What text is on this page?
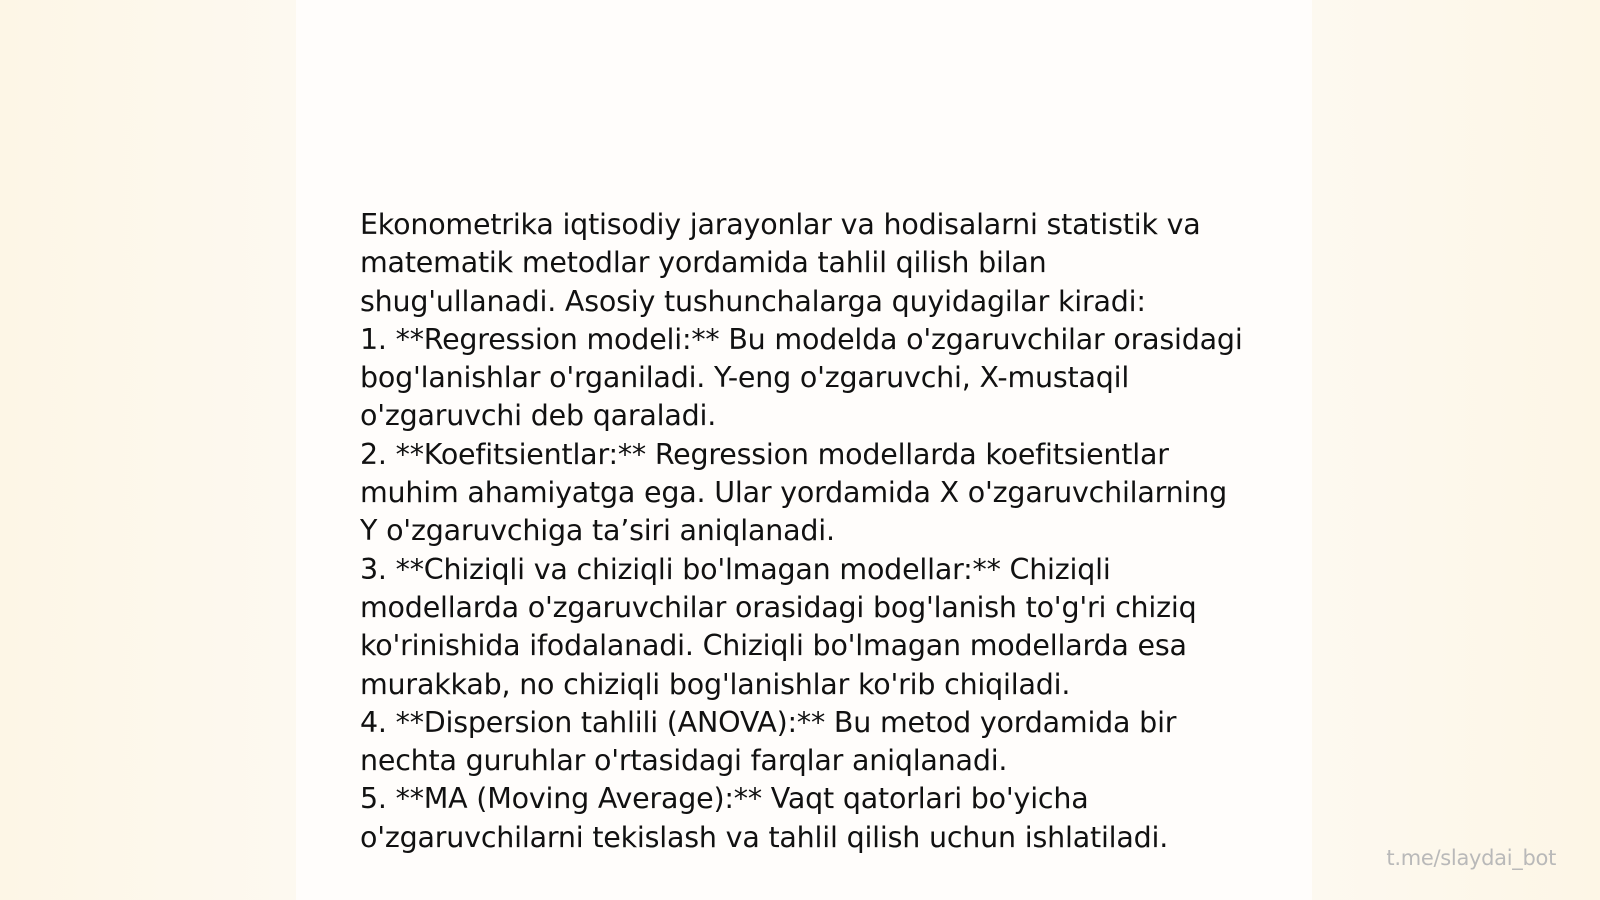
Ekonometrika iqtisodiy jarayonlar va hodisalarni statistik va matematik metodlar yordamida tahlil qilish bilan shug'ullanadi. Asosiy tushunchalarga quyidagilar kiradi:

1. **Regression modeli:** Bu modelda o'zgaruvchilar orasidagi bog'lanishlar o'rganiladi. Y-eng o'zgaruvchi, X-mustaqil o'zgaruvchi deb qaraladi.

2. **Koefitsientlar:** Regression modellarda koefitsientlar muhim ahamiyatga ega. Ular yordamida X o'zgaruvchilarning Y o'zgaruvchiga ta’siri aniqlanadi.

3. **Chiziqli va chiziqli bo'lmagan modellar:** Chiziqli modellarda o'zgaruvchilar orasidagi bog'lanish to'g'ri chiziq ko'rinishida ifodalanadi. Chiziqli bo'lmagan modellarda esa murakkab, no chiziqli bog'lanishlar ko'rib chiqiladi.

4. **Dispersion tahlili (ANOVA):** Bu metod yordamida bir nechta guruhlar o'rtasidagi farqlar aniqlanadi.

5. **MA (Moving Average):** Vaqt qatorlari bo'yicha o'zgaruvchilarni tekislash va tahlil qilish uchun ishlatiladi.

t.me/slaydai_bot
